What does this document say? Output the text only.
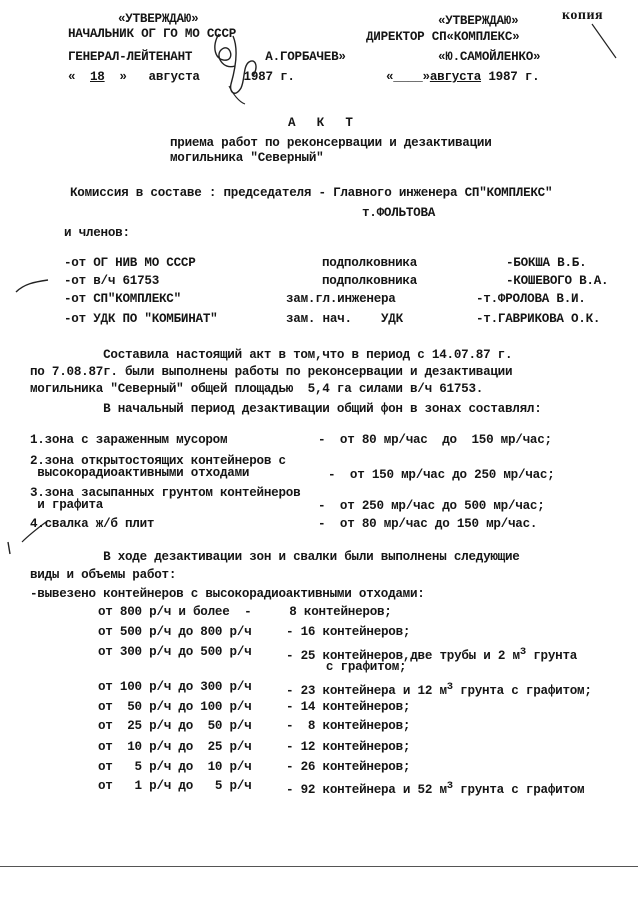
копия
«УТВЕРЖДАЮ»
НАЧАЛЬНИК ОГ ГО МО СССР
ГЕНЕРАЛ-ЛЕЙТЕНАНТ          А.ГОРБАЧЕВ»
« 18 »   августа      1987 г.
«УТВЕРЖДАЮ»
ДИРЕКТОР СП«КОМПЛЕКС»
«Ю.САМОЙЛЕНКО»
«____»августа 1987 г.
А  К  Т
приема работ по реконсервации и дезактивации
могильника "Северный"
Комиссия в составе : председателя - Главного инженера СП"КОМПЛЕКС"
т.ФОЛЬТОВА
и членов:
-от ОГ НИВ МО СССР	подполковника	-БОКША В.Б.
-от в/ч 61753	подполковника	-КОШЕВОГО В.А.
-от СП"КОМПЛЕКС"	зам.гл.инженера	-т.ФРОЛОВА В.И.
-от УДК ПО "КОМБИНАТ"	зам. нач.    УДК	-т.ГАВРИКОВА О.К.
Составила настоящий акт в том,что в период с 14.07.87 г.
по 7.08.87г. были выполнены работы по реконсервации и дезактивации
могильника "Северный" общей площадью  5,4 га силами в/ч 61753.
В начальный период дезактивации общий фон в зонах составлял:
1.зона с зараженным мусором	-  от 80 мр/час  до  150 мр/час;
2.зона открытостоящих контейнеров с
высокорадиоактивными отходами	-  от 150 мр/час до 250 мр/час;
3.зона засыпанных грунтом контейнеров
и графита	-  от 250 мр/час до 500 мр/час;
4.свалка ж/б плит	-  от 80 мр/час до 150 мр/час.
В ходе дезактивации зон и свалки были выполнены следующие
виды и объемы работ:
-вывезено контейнеров с высокорадиоактивными отходами:
от 800 р/ч и более  - 8 контейнеров;
от 500 р/ч до 800 р/ч	- 16 контейнеров;
от 300 р/ч до 500 р/ч	- 25 контейнеров,две трубы и 2 $м^3$ грунта
с графитом;
от 100 р/ч до 300 р/ч	- 23 контейнера и 12 $м^3$ грунта с графитом;
от  50 р/ч до 100 р/ч	- 14 контейнеров;
от  25 р/ч до  50 р/ч	-  8 контейнеров;
от  10 р/ч до  25 р/ч	- 12 контейнеров;
от   5 р/ч до  10 р/ч	- 26 контейнеров;
от   1 р/ч до   5 р/ч	- 92 контейнера и 52 $м^3$ грунта с графитом
